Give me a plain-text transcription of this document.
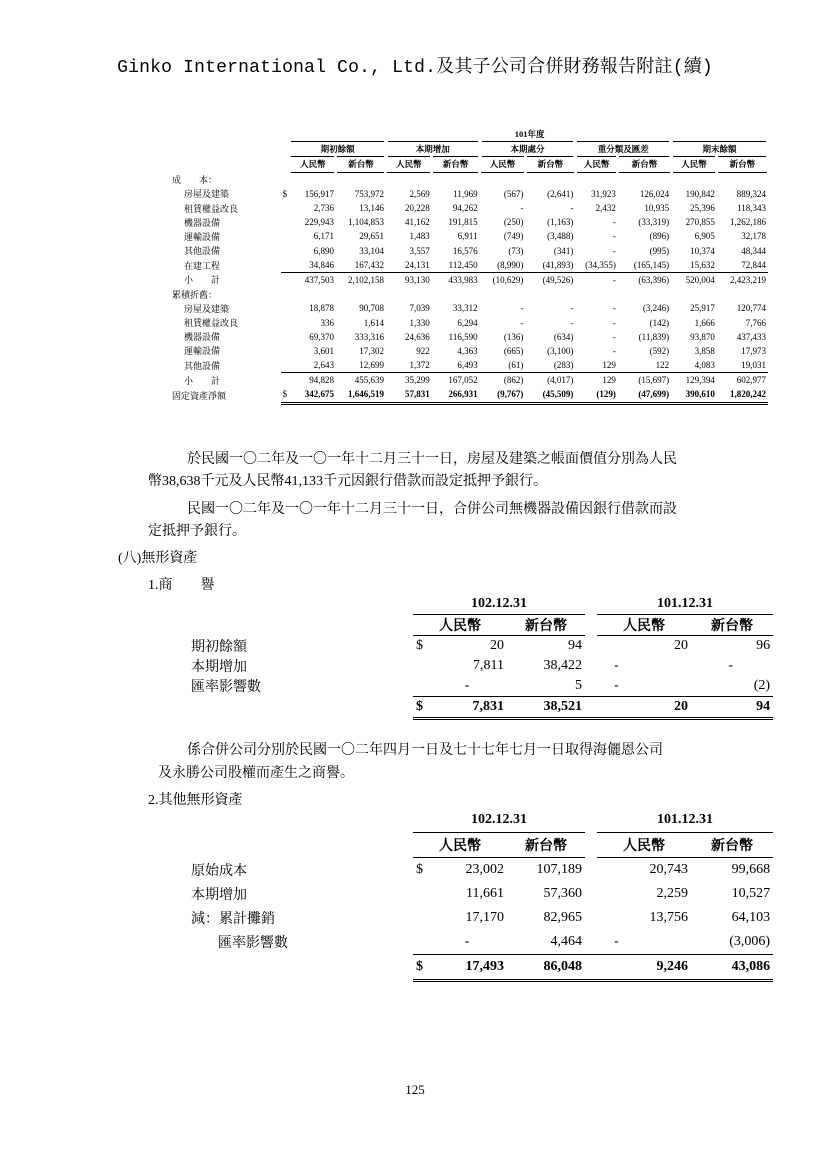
Ginko International Co., Ltd.及其子公司合併財務報告附註(續)
		101年度									
		期初餘額		本期增加		本期處分		重分類及匯差		期末餘額	
		人民幣	新台幣	人民幣	新台幣	人民幣	新台幣	人民幣	新台幣	人民幣	新台幣
成　　本：											
房屋及建築	$	156,917	753,972	2,569	11,969	(567)	(2,641)	31,923	126,024	190,842	889,324
租賃權益改良		2,736	13,146	20,228	94,262	-	-	2,432	10,935	25,396	118,343
機器設備		229,943	1,104,853	41,162	191,815	(250)	(1,163)	-	(33,319)	270,855	1,262,186
運輸設備		6,171	29,651	1,483	6,911	(749)	(3,488)	-	(896)	6,905	32,178
其他設備		6,890	33,104	3,557	16,576	(73)	(341)	-	(995)	10,374	48,344
在建工程		34,846	167,432	24,131	112,450	(8,990)	(41,893)	(34,355)	(165,145)	15,632	72,844
小　　計		437,503	2,102,158	93,130	433,983	(10,629)	(49,526)	-	(63,396)	520,004	2,423,219
累積折舊：											
房屋及建築		18,878	90,708	7,039	33,312	-	-	-	(3,246)	25,917	120,774
租賃權益改良		336	1,614	1,330	6,294	-	-	-	(142)	1,666	7,766
機器設備		69,370	333,316	24,636	116,590	(136)	(634)	-	(11,839)	93,870	437,433
運輸設備		3,601	17,302	922	4,363	(665)	(3,100)	-	(592)	3,858	17,973
其他設備		2,643	12,699	1,372	6,493	(61)	(283)	129	122	4,083	19,031
小　　計		94,828	455,639	35,299	167,052	(862)	(4,017)	129	(15,697)	129,394	602,977
固定資產淨額	$	342,675	1,646,519	57,831	266,931	(9,767)	(45,509)	(129)	(47,699)	390,610	1,820,242
於民國一〇二年及一〇一年十二月三十一日，房屋及建築之帳面價值分別為人民
幣38,638千元及人民幣41,133千元因銀行借款而設定抵押予銀行。
民國一〇二年及一〇一年十二月三十一日，合併公司無機器設備因銀行借款而設
定抵押予銀行。
(八)無形資產
1.商　　譽
	102.12.31				101.12.31		
	人民幣		新台幣		人民幣		新台幣
期初餘額	$	20	94			20	96
本期增加		7,811	38,422			-	-
匯率影響數		-	5			-	(2)
	$	7,831	38,521			20	94
係合併公司分別於民國一〇二年四月一日及七十七年七月一日取得海儷恩公司
及永勝公司股權而產生之商譽。
2.其他無形資產
	102.12.31				101.12.31		
	人民幣		新台幣		人民幣		新台幣
原始成本	$	23,002	107,189			20,743	99,668
本期增加		11,661	57,360			2,259	10,527
減：累計攤銷		17,170	82,965			13,756	64,103
匯率影響數		-	4,464			-	(3,006)
	$	17,493	86,048			9,246	43,086
125
